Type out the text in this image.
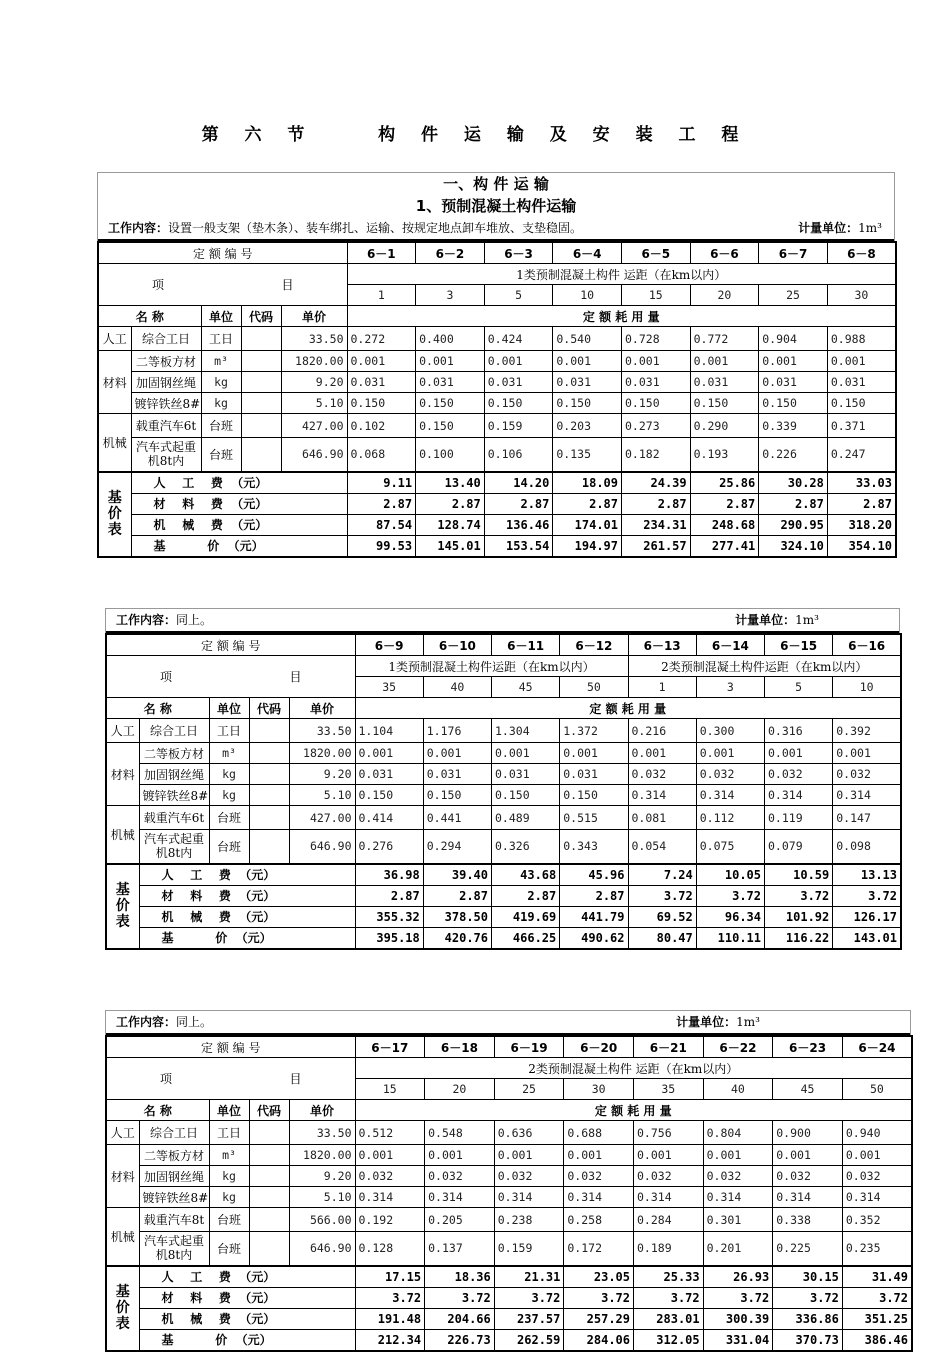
第 六 节    构 件 运 输 及 安 装 工 程
一、构 件 运 输
1、预制混凝土构件运输
工作内容：设置一般支架（垫木条）、装车绑扎、运输、按规定地点卸车堆放、支垫稳固。	计量单位：1m³
定 额 编 号					6－1	6－2	6－3	6－4	6－5	6－6	6－7	6－8
项 目					1类预制混凝土构件 运距（在km以内）							
					1	3	5	10	15	20	25	30
名 称		单位	代码	单价	定 额 耗 用 量							
人工	综合工日	工日		33.50	0.272	0.400	0.424	0.540	0.728	0.772	0.904	0.988
材料	二等板方材	m³		1820.00	0.001	0.001	0.001	0.001	0.001	0.001	0.001	0.001
	加固钢丝绳	kg		9.20	0.031	0.031	0.031	0.031	0.031	0.031	0.031	0.031
	镀锌铁丝8#	kg		5.10	0.150	0.150	0.150	0.150	0.150	0.150	0.150	0.150
机械	载重汽车6t	台班		427.00	0.102	0.150	0.159	0.203	0.273	0.290	0.339	0.371
	汽车式起重机8t内	台班		646.90	0.068	0.100	0.106	0.135	0.182	0.193	0.226	0.247
基价表	人    工    费  （元）				9.11	13.40	14.20	18.09	24.39	25.86	30.28	33.03
	材    料    费  （元）				2.87	2.87	2.87	2.87	2.87	2.87	2.87	2.87
	机    械    费  （元）				87.54	128.74	136.46	174.01	234.31	248.68	290.95	318.20
	基          价  （元）				99.53	145.01	153.54	194.97	261.57	277.41	324.10	354.10
工作内容：同上。	计量单位：1m³
定 额 编 号					6－9	6－10	6－11	6－12	6－13	6－14	6－15	6－16
项 目					1类预制混凝土构件运距（在km以内）				2类预制混凝土构件运距（在km以内）			
					35	40	45	50	1	3	5	10
名 称		单位	代码	单价	定 额 耗 用 量							
人工	综合工日	工日		33.50	1.104	1.176	1.304	1.372	0.216	0.300	0.316	0.392
材料	二等板方材	m³		1820.00	0.001	0.001	0.001	0.001	0.001	0.001	0.001	0.001
	加固钢丝绳	kg		9.20	0.031	0.031	0.031	0.031	0.032	0.032	0.032	0.032
	镀锌铁丝8#	kg		5.10	0.150	0.150	0.150	0.150	0.314	0.314	0.314	0.314
机械	载重汽车6t	台班		427.00	0.414	0.441	0.489	0.515	0.081	0.112	0.119	0.147
	汽车式起重机8t内	台班		646.90	0.276	0.294	0.326	0.343	0.054	0.075	0.079	0.098
基价表	人    工    费  （元）				36.98	39.40	43.68	45.96	7.24	10.05	10.59	13.13
	材    料    费  （元）				2.87	2.87	2.87	2.87	3.72	3.72	3.72	3.72
	机    械    费  （元）				355.32	378.50	419.69	441.79	69.52	96.34	101.92	126.17
	基          价  （元）				395.18	420.76	466.25	490.62	80.47	110.11	116.22	143.01
工作内容：同上。	计量单位：1m³
定 额 编 号					6－17	6－18	6－19	6－20	6－21	6－22	6－23	6－24
项 目					2类预制混凝土构件 运距（在km以内）							
					15	20	25	30	35	40	45	50
名 称		单位	代码	单价	定 额 耗 用 量							
人工	综合工日	工日		33.50	0.512	0.548	0.636	0.688	0.756	0.804	0.900	0.940
材料	二等板方材	m³		1820.00	0.001	0.001	0.001	0.001	0.001	0.001	0.001	0.001
	加固钢丝绳	kg		9.20	0.032	0.032	0.032	0.032	0.032	0.032	0.032	0.032
	镀锌铁丝8#	kg		5.10	0.314	0.314	0.314	0.314	0.314	0.314	0.314	0.314
机械	载重汽车8t	台班		566.00	0.192	0.205	0.238	0.258	0.284	0.301	0.338	0.352
	汽车式起重机8t内	台班		646.90	0.128	0.137	0.159	0.172	0.189	0.201	0.225	0.235
基价表	人    工    费  （元）				17.15	18.36	21.31	23.05	25.33	26.93	30.15	31.49
	材    料    费  （元）				3.72	3.72	3.72	3.72	3.72	3.72	3.72	3.72
	机    械    费  （元）				191.48	204.66	237.57	257.29	283.01	300.39	336.86	351.25
	基          价  （元）				212.34	226.73	262.59	284.06	312.05	331.04	370.73	386.46
